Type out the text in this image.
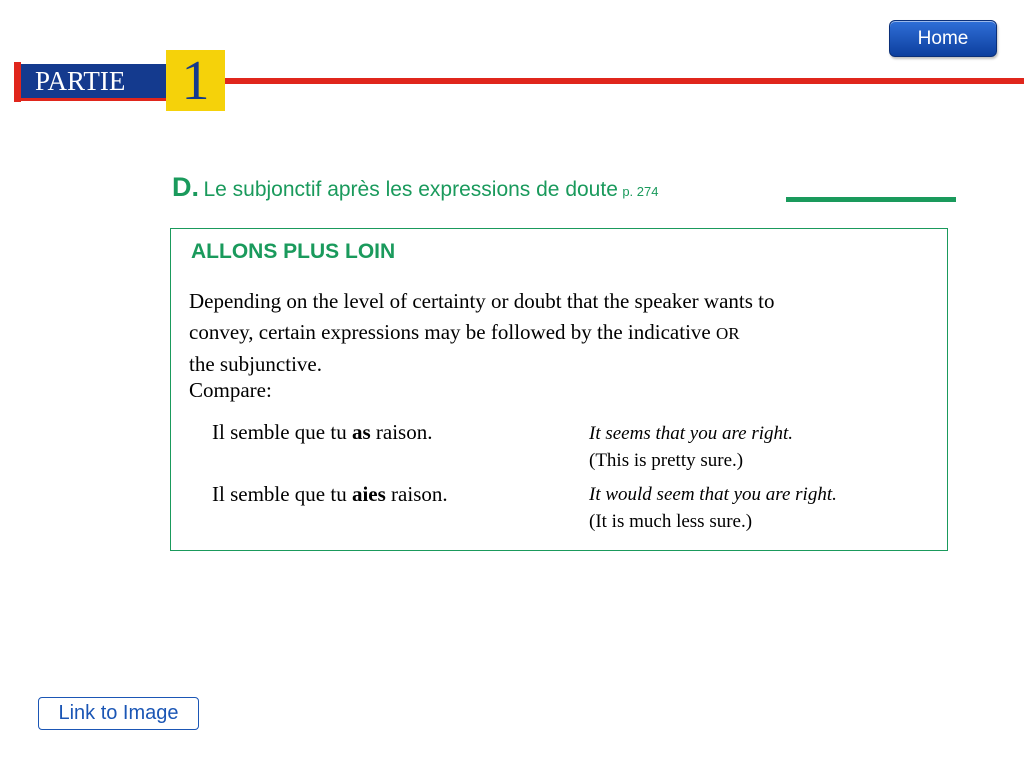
Home
PARTIE	1
D. Le subjonctif après les expressions de doute p. 274
ALLONS PLUS LOIN
Depending on the level of certainty or doubt that the speaker wants to
convey, certain expressions may be followed by the indicative OR
the subjunctive.
Compare:
Il semble que tu as raison.	It seems that you are right.
(This is pretty sure.)
Il semble que tu aies raison.	It would seem that you are right.
(It is much less sure.)
Link to Image
